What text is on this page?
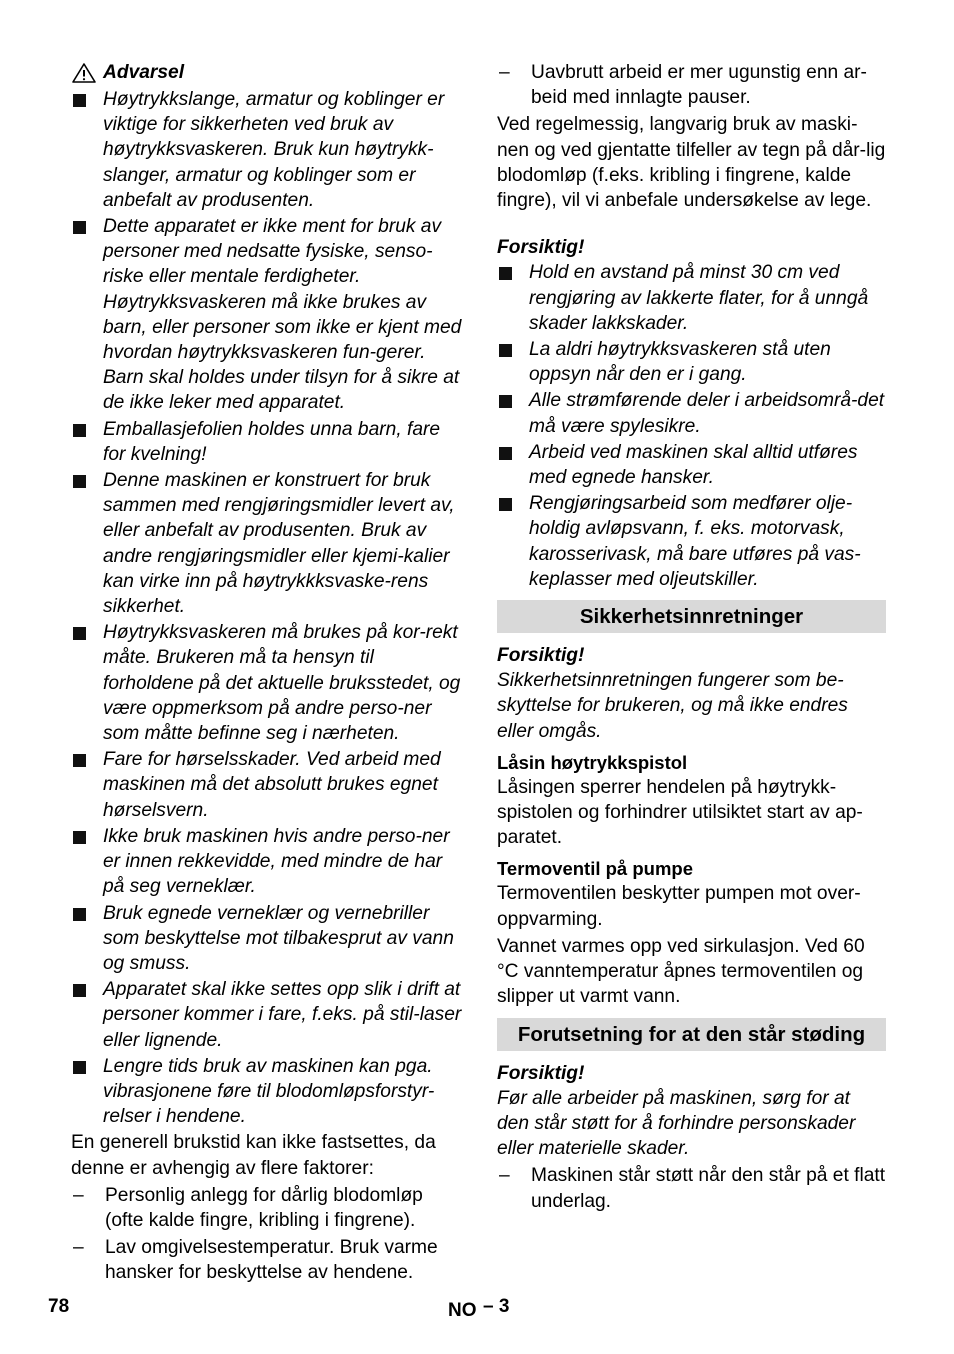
Advarsel
Høytrykkslange, armatur og koblinger er viktige for sikkerheten ved bruk av høytrykksvaskeren. Bruk kun høytrykk-slanger, armatur og koblinger som er anbefalt av produsenten.
Dette apparatet er ikke ment for bruk av personer med nedsatte fysiske, senso-riske eller mentale ferdigheter.
Høytrykksvaskeren må ikke brukes av barn, eller personer som ikke er kjent med hvordan høytrykksvaskeren fun-gerer.
Barn skal holdes under tilsyn for å sikre at de ikke leker med apparatet.
Emballasjefolien holdes unna barn, fare for kvelning!
Denne maskinen er konstruert for bruk sammen med rengjøringsmidler levert av, eller anbefalt av produsenten. Bruk av andre rengjøringsmidler eller kjemi-kalier kan virke inn på høytrykkksvaske-rens sikkerhet.
Høytrykksvaskeren må brukes på kor-rekt måte. Brukeren må ta hensyn til forholdene på det aktuelle bruksstedet, og være oppmerksom på andre perso-ner som måtte befinne seg i nærheten.
Fare for hørselsskader. Ved arbeid med maskinen må det absolutt brukes egnet hørselsvern.
Ikke bruk maskinen hvis andre perso-ner er innen rekkevidde, med mindre de har på seg verneklær.
Bruk egnede verneklær og vernebriller som beskyttelse mot tilbakesprut av vann og smuss.
Apparatet skal ikke settes opp slik i drift at personer kommer i fare, f.eks. på stil-laser eller lignende.
Lengre tids bruk av maskinen kan pga. vibrasjonene føre til blodomløpsforstyr-relser i hendene.
En generell brukstid kan ikke fastsettes, da denne er avhengig av flere faktorer:
–	Personlig anlegg for dårlig blodomløp (ofte kalde fingre, kribling i fingrene).
–	Lav omgivelsestemperatur. Bruk varme hansker for beskyttelse av hendene.
–	Uavbrutt arbeid er mer ugunstig enn ar-beid med innlagte pauser.
Ved regelmessig, langvarig bruk av maski-nen og ved gjentatte tilfeller av tegn på dår-lig blodomløp (f.eks. kribling i fingrene, kalde fingre), vil vi anbefale undersøkelse av lege.
Forsiktig!
Hold en avstand på minst 30 cm ved rengjøring av lakkerte flater, for å unngå skader lakkskader.
La aldri høytrykksvaskeren stå uten oppsyn når den er i gang.
Alle strømførende deler i arbeidsområ-det må være spylesikre.
Arbeid ved maskinen skal alltid utføres med egnede hansker.
Rengjøringsarbeid som medfører olje-holdig avløpsvann, f. eks. motorvask, karosserivask, må bare utføres på vas-keplasser med oljeutskiller.
Sikkerhetsinnretninger
Forsiktig!
Sikkerhetsinnretningen fungerer som be-skyttelse for brukeren, og må ikke endres eller omgås.
Låsin høytrykkspistol
Låsingen sperrer hendelen på høytrykk-spistolen og forhindrer utilsiktet start av ap-paratet.
Termoventil på pumpe
Termoventilen beskytter pumpen mot over-oppvarming.
Vannet varmes opp ved sirkulasjon. Ved 60 °C vanntemperatur åpnes termoventilen og slipper ut varmt vann.
Forutsetning for at den står støding
Forsiktig!
Før alle arbeider på maskinen, sørg for at den står støtt for å forhindre personskader eller materielle skader.
–	Maskinen står støtt når den står på et flatt underlag.
78	NO – 3
